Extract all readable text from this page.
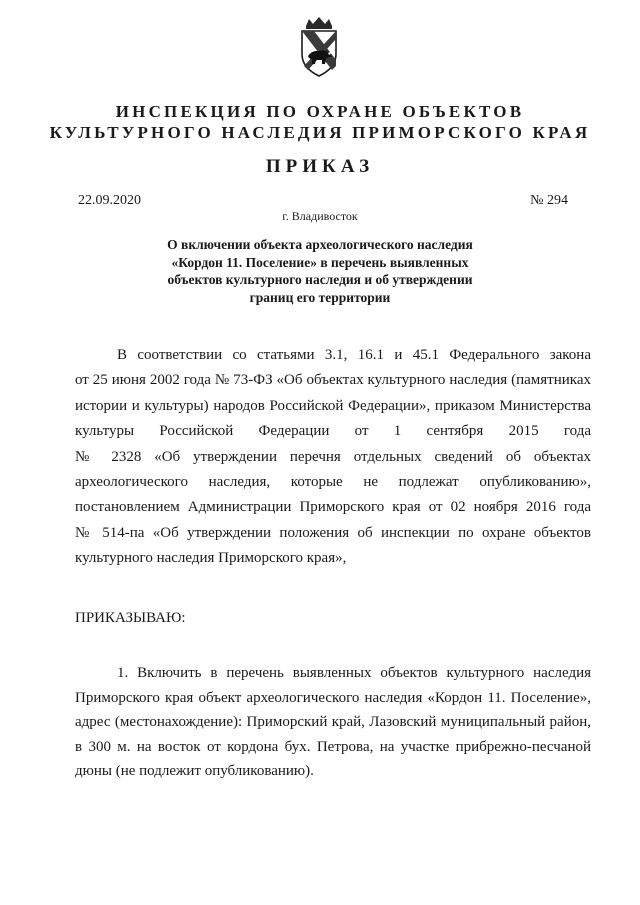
ИНСПЕКЦИЯ ПО ОХРАНЕ ОБЪЕКТОВ
КУЛЬТУРНОГО НАСЛЕДИЯ ПРИМОРСКОГО КРАЯ
ПРИКАЗ
22.09.2020	№ 294
г. Владивосток
О включении объекта археологического наследия
«Кордон 11. Поселение» в перечень выявленных
объектов культурного наследия и об утверждении
границ его территории
В соответствии со статьями 3.1, 16.1 и 45.1 Федерального закона
от 25 июня 2002 года № 73-ФЗ «Об объектах культурного наследия (памятниках
истории и культуры) народов Российской Федерации», приказом Министерства
культуры Российской Федерации от 1 сентября 2015 года
№ 2328 «Об утверждении перечня отдельных сведений об объектах
археологического наследия, которые не подлежат опубликованию»,
постановлением Администрации Приморского края от 02 ноября 2016 года
№ 514-па «Об утверждении положения об инспекции по охране объектов
культурного наследия Приморского края»,
ПРИКАЗЫВАЮ:
1. Включить в перечень выявленных объектов культурного наследия
Приморского края объект археологического наследия «Кордон 11. Поселение»,
адрес (местонахождение): Приморский край, Лазовский муниципальный район,
в 300 м. на восток от кордона бух. Петрова, на участке прибрежно-песчаной
дюны (не подлежит опубликованию).
